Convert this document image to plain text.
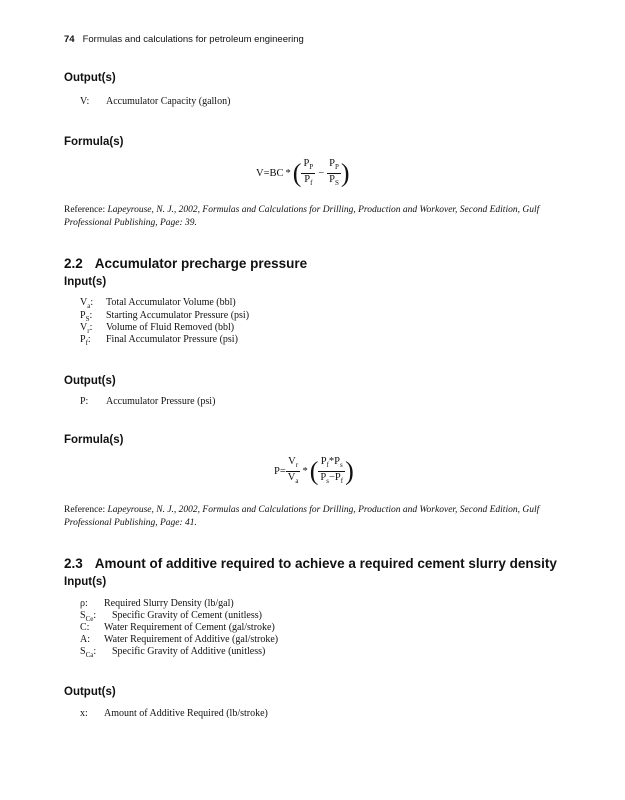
74 Formulas and calculations for petroleum engineering
Output(s)
V: Accumulator Capacity (gallon)
Formula(s)
V=BC *( $\frac{P_P}{P_f} - \frac{P_P}{P_S}$ )
Reference: Lapeyrouse, N. J., 2002, Formulas and Calculations for Drilling, Production and Workover, Second Edition, Gulf Professional Publishing, Page: 39.
2.2 Accumulator precharge pressure
Input(s)
$V_a$: Total Accumulator Volume (bbl)
$P_S$: Starting Accumulator Pressure (psi)
$V_r$: Volume of Fluid Removed (bbl)
$P_f$: Final Accumulator Pressure (psi)
Output(s)
P: Accumulator Pressure (psi)
Formula(s)
$P= \frac{V_r}{V_a}$ *( $\frac{P_f*P_s}{P_s-P_f}$ )
Reference: Lapeyrouse, N. J., 2002, Formulas and Calculations for Drilling, Production and Workover, Second Edition, Gulf Professional Publishing, Page: 41.
2.3 Amount of additive required to achieve a required cement slurry density
Input(s)
ρ: Required Slurry Density (lb/gal)
$S_{Ce}$: Specific Gravity of Cement (unitless)
C: Water Requirement of Cement (gal/stroke)
A: Water Requirement of Additive (gal/stroke)
$S_{Ca}$: Specific Gravity of Additive (unitless)
Output(s)
x: Amount of Additive Required (lb/stroke)
